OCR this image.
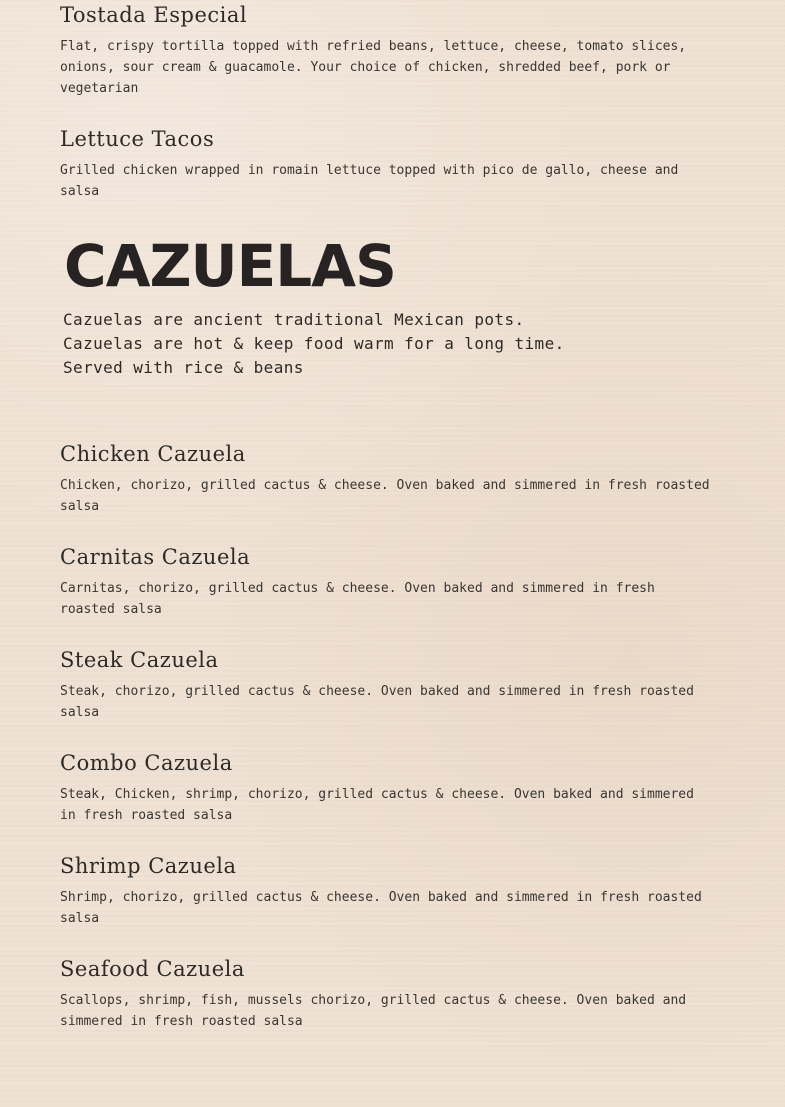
Tostada Especial

Flat, crispy tortilla topped with refried beans, lettuce, cheese, tomato slices, onions, sour cream & guacamole. Your choice of chicken, shredded beef, pork or vegetarian

Lettuce Tacos

Grilled chicken wrapped in romain lettuce topped with pico de gallo, cheese and salsa

CAZUELAS

Cazuelas are ancient traditional Mexican pots.
Cazuelas are hot & keep food warm for a long time.
Served with rice & beans

Chicken Cazuela

Chicken, chorizo, grilled cactus & cheese. Oven baked and simmered in fresh roasted salsa

Carnitas Cazuela

Carnitas, chorizo, grilled cactus & cheese. Oven baked and simmered in fresh roasted salsa

Steak Cazuela

Steak, chorizo, grilled cactus & cheese. Oven baked and simmered in fresh roasted salsa

Combo Cazuela

Steak, Chicken, shrimp, chorizo, grilled cactus & cheese. Oven baked and simmered in fresh roasted salsa

Shrimp Cazuela

Shrimp, chorizo, grilled cactus & cheese. Oven baked and simmered in fresh roasted salsa

Seafood Cazuela

Scallops, shrimp, fish, mussels chorizo, grilled cactus & cheese. Oven baked and simmered in fresh roasted salsa
